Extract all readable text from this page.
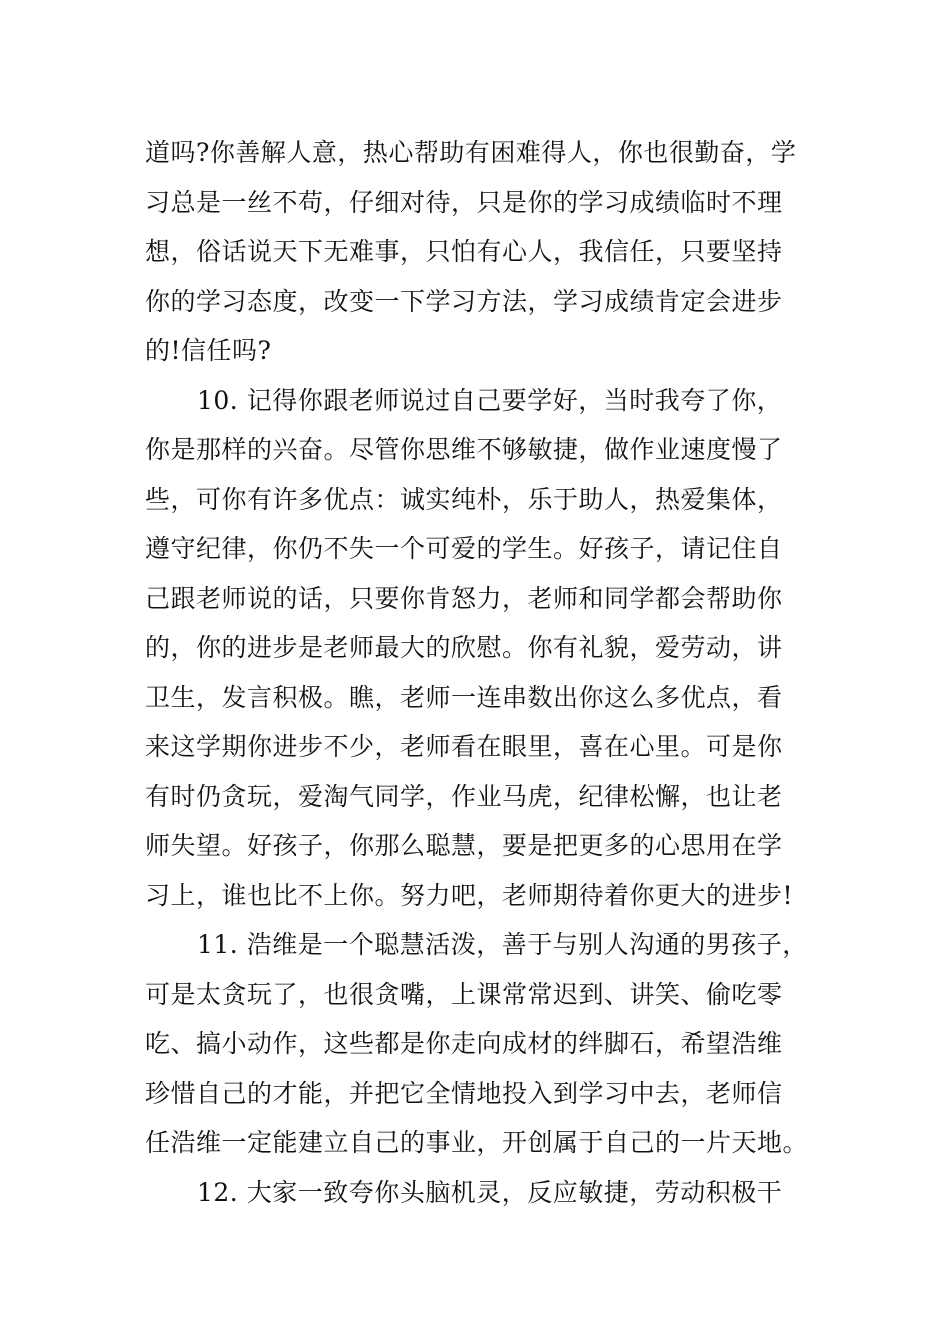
道吗?你善解人意，热心帮助有困难得人，你也很勤奋，学
习总是一丝不苟，仔细对待，只是你的学习成绩临时不理
想，俗话说天下无难事，只怕有心人，我信任，只要坚持
你的学习态度，改变一下学习方法，学习成绩肯定会进步
的!信任吗?
10. 记得你跟老师说过自己要学好，当时我夸了你，
你是那样的兴奋。尽管你思维不够敏捷，做作业速度慢了
些，可你有许多优点：诚实纯朴，乐于助人，热爱集体，
遵守纪律，你仍不失一个可爱的学生。好孩子，请记住自
己跟老师说的话，只要你肯怒力，老师和同学都会帮助你
的，你的进步是老师最大的欣慰。你有礼貌，爱劳动，讲
卫生，发言积极。瞧，老师一连串数出你这么多优点，看
来这学期你进步不少，老师看在眼里，喜在心里。可是你
有时仍贪玩，爱淘气同学，作业马虎，纪律松懈，也让老
师失望。好孩子，你那么聪慧，要是把更多的心思用在学
习上，谁也比不上你。努力吧，老师期待着你更大的进步!
11. 浩维是一个聪慧活泼，善于与别人沟通的男孩子，
可是太贪玩了，也很贪嘴，上课常常迟到、讲笑、偷吃零
吃、搞小动作，这些都是你走向成材的绊脚石，希望浩维
珍惜自己的才能，并把它全情地投入到学习中去，老师信
任浩维一定能建立自己的事业，开创属于自己的一片天地。
12. 大家一致夸你头脑机灵，反应敏捷，劳动积极干
